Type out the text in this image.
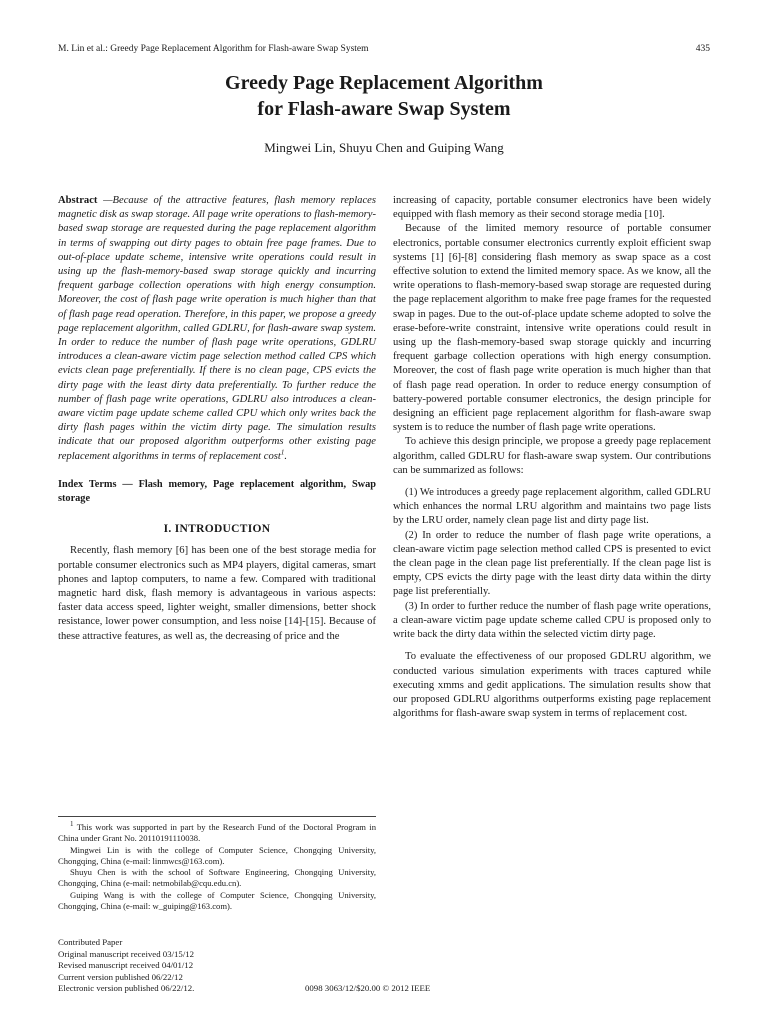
M. Lin et al.: Greedy Page Replacement Algorithm for Flash-aware Swap System	435
Greedy Page Replacement Algorithm
for Flash-aware Swap System
Mingwei Lin, Shuyu Chen and Guiping Wang

Abstract —Because of the attractive features, flash memory replaces magnetic disk as swap storage. All page write operations to flash-memory-based swap storage are requested during the page replacement algorithm in terms of swapping out dirty pages to obtain free page frames. Due to out-of-place update scheme, intensive write operations could result in using up the flash-memory-based swap storage quickly and incurring frequent garbage collection operations with high energy consumption. Moreover, the cost of flash page write operation is much higher than that of flash page read operation. Therefore, in this paper, we propose a greedy page replacement algorithm, called GDLRU, for flash-aware swap system. In order to reduce the number of flash page write operations, GDLRU introduces a clean-aware victim page selection method called CPS which evicts clean page preferentially. If there is no clean page, CPS evicts the dirty page with the least dirty data preferentially. To further reduce the number of flash page write operations, GDLRU also introduces a clean-aware victim page update scheme called CPU which only writes back the dirty flash pages within the victim dirty page. The simulation results indicate that our proposed algorithm outperforms other existing page replacement algorithms in terms of replacement cost$^1$.

Index Terms — Flash memory, Page replacement algorithm, Swap storage

I. INTRODUCTION

Recently, flash memory [6] has been one of the best storage media for portable consumer electronics such as MP4 players, digital cameras, smart phones and laptop computers, to name a few. Compared with traditional magnetic hard disk, flash memory is advantageous in various aspects: faster data access speed, lighter weight, smaller dimensions, better shock resistance, lower power consumption, and less noise [14]-[15]. Because of these attractive features, as well as, the decreasing of price and the

increasing of capacity, portable consumer electronics have been widely equipped with flash memory as their second storage media [10].

Because of the limited memory resource of portable consumer electronics, portable consumer electronics currently exploit efficient swap systems [1] [6]-[8] considering flash memory as swap space as a cost effective solution to extend the limited memory space. As we know, all the write operations to flash-memory-based swap storage are requested during the page replacement algorithm to make free page frames for the requested swap in pages. Due to the out-of-place update scheme adopted to solve the erase-before-write constraint, intensive write operations could result in using up the flash-memory-based swap storage quickly and incurring frequent garbage collection operations with high energy consumption. Moreover, the cost of flash page write operation is much higher than that of flash page read operation. In order to reduce energy consumption of battery-powered portable consumer electronics, the design principle for designing an efficient page replacement algorithm for flash-aware swap system is to reduce the number of flash page write operations.

To achieve this design principle, we propose a greedy page replacement algorithm, called GDLRU for flash-aware swap system. Our contributions can be summarized as follows:

(1) We introduces a greedy page replacement algorithm, called GDLRU which enhances the normal LRU algorithm and maintains two page lists by the LRU order, namely clean page list and dirty page list.

(2) In order to reduce the number of flash page write operations, a clean-aware victim page selection method called CPS is presented to evict the clean page in the clean page list preferentially. If the clean page list is empty, CPS evicts the dirty page with the least dirty data within the dirty page list preferentially.

(3) In order to further reduce the number of flash page write operations, a clean-aware victim page update scheme called CPU is proposed only to write back the dirty data within the selected victim dirty page.

To evaluate the effectiveness of our proposed GDLRU algorithm, we conducted various simulation experiments with traces captured while executing xmms and gedit applications. The simulation results show that our proposed GDLRU algorithms outperforms existing page replacement algorithms for flash-aware swap system in terms of replacement cost.

$^1$ This work was supported in part by the Research Fund of the Doctoral Program in China under Grant No. 20110191110038.

Mingwei Lin is with the college of Computer Science, Chongqing University, Chongqing, China (e-mail: linmwcs@163.com).

Shuyu Chen is with the school of Software Engineering, Chongqing University, Chongqing, China (e-mail: netmobilab@cqu.edu.cn).

Guiping Wang is with the college of Computer Science, Chongqing University, Chongqing, China (e-mail: w_guiping@163.com).

Contributed Paper
Original manuscript received 03/15/12
Revised manuscript received 04/01/12
Current version published 06/22/12
Electronic version published 06/22/12.	0098 3063/12/$20.00 © 2012 IEEE
